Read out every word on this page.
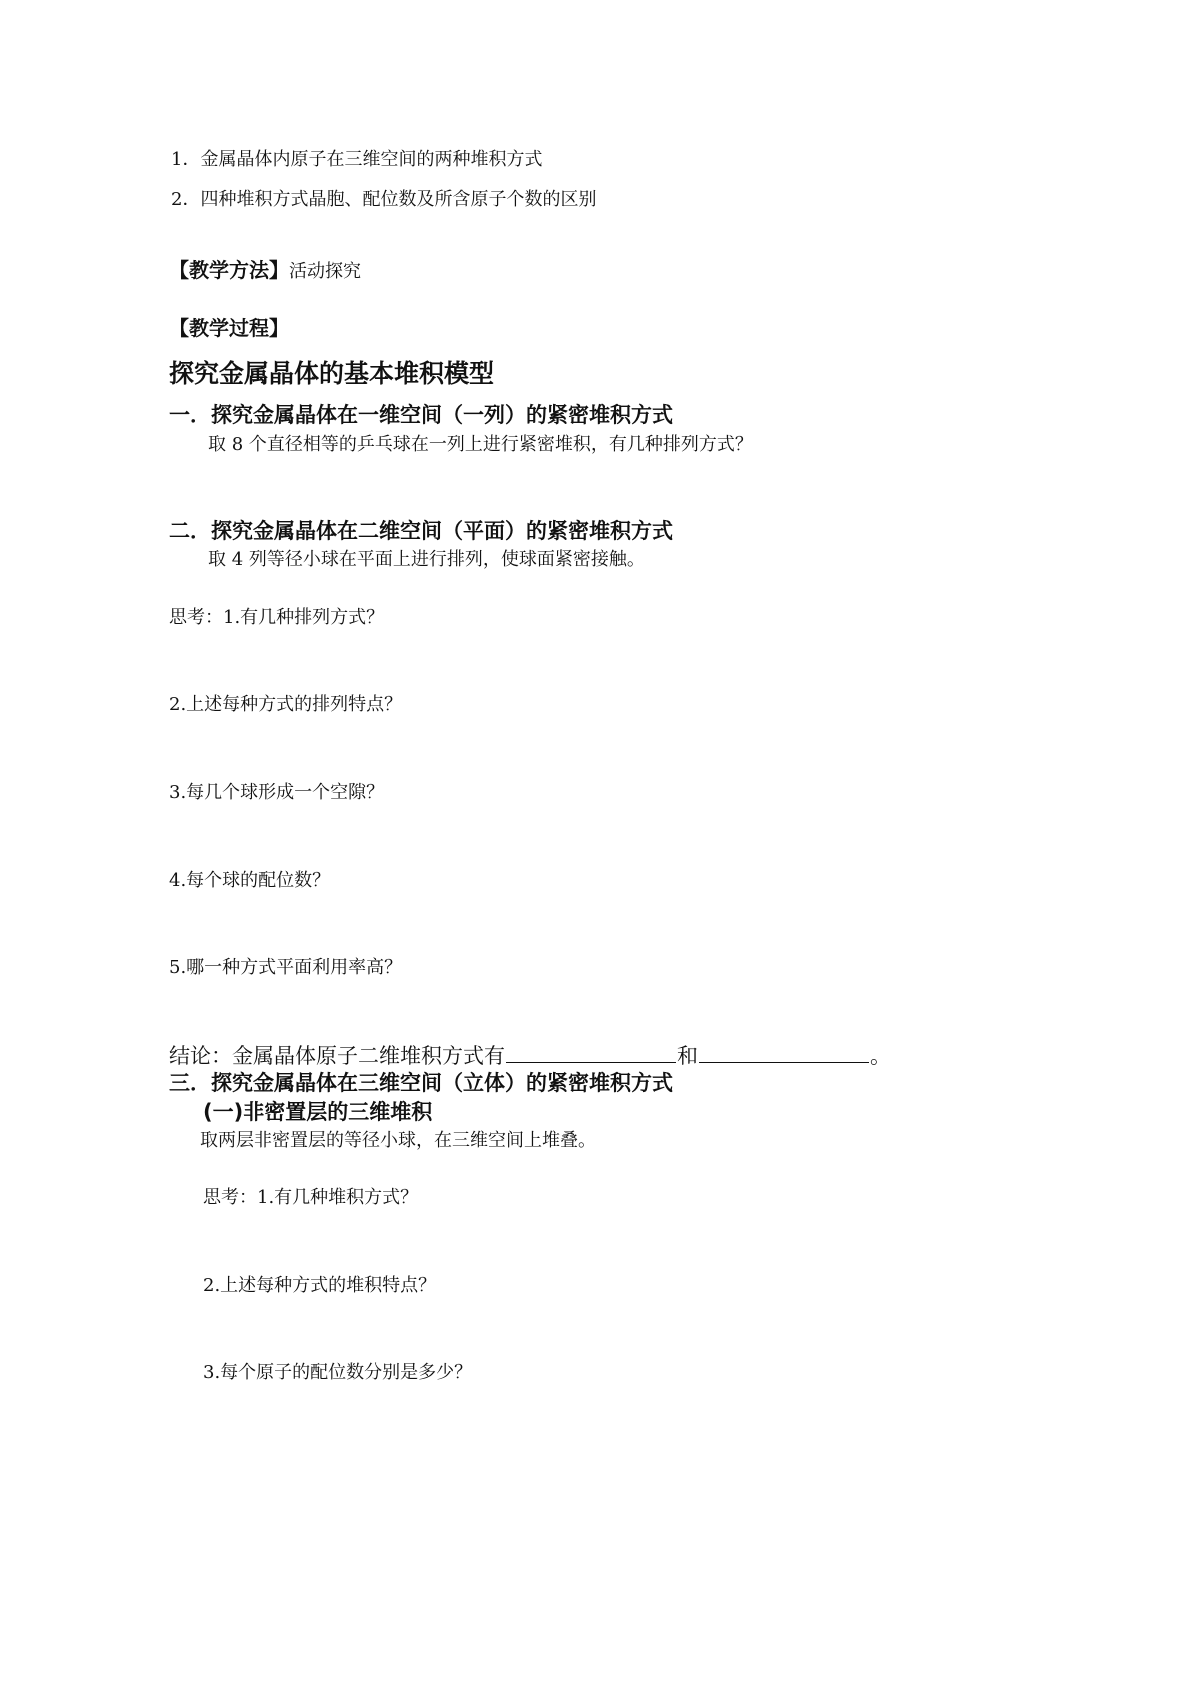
1．金属晶体内原子在三维空间的两种堆积方式
2．四种堆积方式晶胞、配位数及所含原子个数的区别
【教学方法】活动探究
【教学过程】
探究金属晶体的基本堆积模型
一．探究金属晶体在一维空间（一列）的紧密堆积方式
取 8 个直径相等的乒乓球在一列上进行紧密堆积，有几种排列方式？
二．探究金属晶体在二维空间（平面）的紧密堆积方式
取 4 列等径小球在平面上进行排列，使球面紧密接触。
思考：1.有几种排列方式？
2.上述每种方式的排列特点？
3.每几个球形成一个空隙？
4.每个球的配位数？
5.哪一种方式平面利用率高？
结论：金属晶体原子二维堆积方式有	和	。
三．探究金属晶体在三维空间（立体）的紧密堆积方式
(一)非密置层的三维堆积
取两层非密置层的等径小球，在三维空间上堆叠。
思考：1.有几种堆积方式？
2.上述每种方式的堆积特点？
3.每个原子的配位数分别是多少？
